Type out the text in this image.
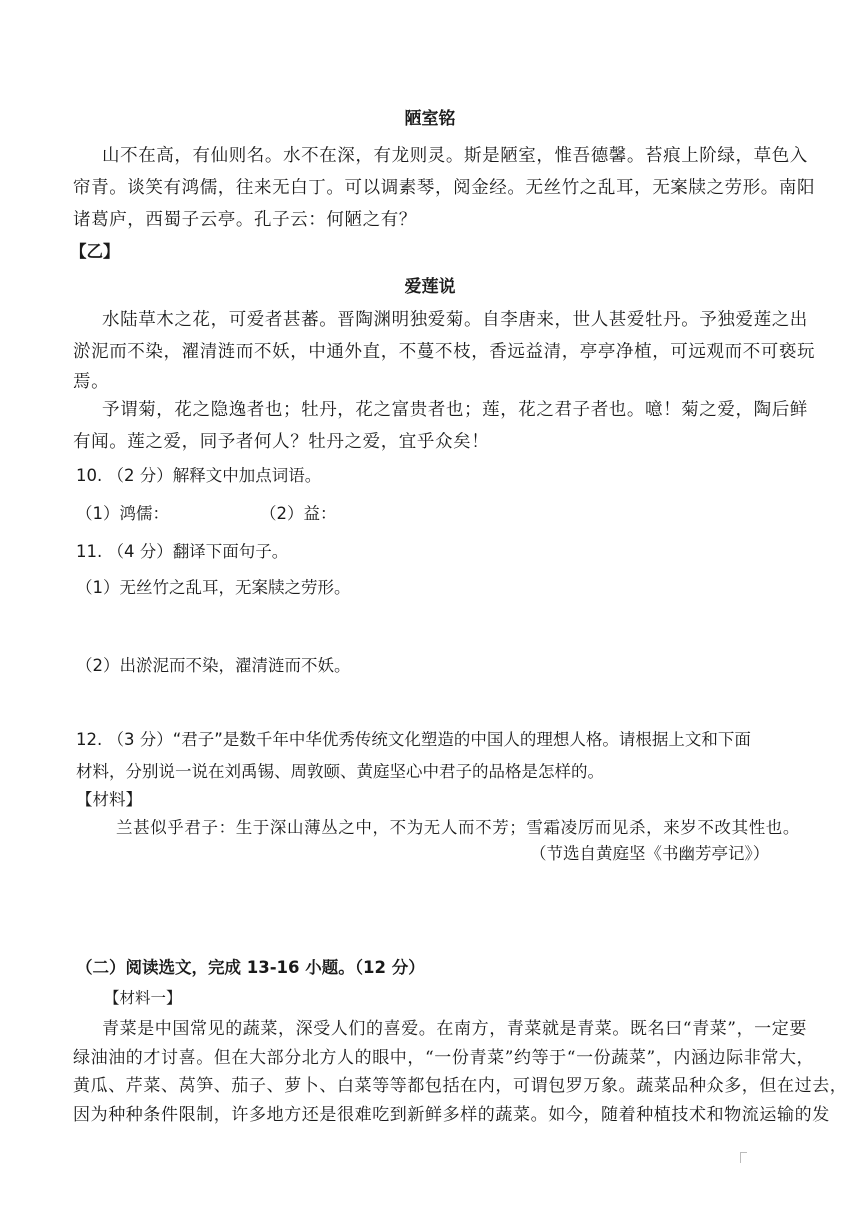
陋室铭
山不在高，有仙则名。水不在深，有龙则灵。斯是陋室，惟吾德馨。苔痕上阶绿，草色入
帘青。谈笑有鸿儒，往来无白丁。可以调素琴，阅金经。无丝竹之乱耳，无案牍之劳形。南阳
诸葛庐，西蜀子云亭。孔子云：何陋之有？
【乙】
爱莲说
水陆草木之花，可爱者甚蕃。晋陶渊明独爱菊。自李唐来，世人甚爱牡丹。予独爱莲之出
淤泥而不染，濯清涟而不妖，中通外直，不蔓不枝，香远益清，亭亭净植，可远观而不可亵玩
焉。
予谓菊，花之隐逸者也；牡丹，花之富贵者也；莲，花之君子者也。噫！菊之爱，陶后鲜
有闻。莲之爱，同予者何人？牡丹之爱，宜乎众矣！
10. （2 分）解释文中加点词语。
（1）鸿儒：	（2）益：
11. （4 分）翻译下面句子。
（1）无丝竹之乱耳，无案牍之劳形。
（2）出淤泥而不染，濯清涟而不妖。
12. （3 分）“君子”是数千年中华优秀传统文化塑造的中国人的理想人格。请根据上文和下面
材料，分别说一说在刘禹锡、周敦颐、黄庭坚心中君子的品格是怎样的。
【材料】
兰甚似乎君子：生于深山薄丛之中，不为无人而不芳；雪霜凌厉而见杀，来岁不改其性也。
（节选自黄庭坚《书幽芳亭记》）
（二）阅读选文，完成 13-16 小题。（12 分）
【材料一】
青菜是中国常见的蔬菜，深受人们的喜爱。在南方，青菜就是青菜。既名曰“青菜”，一定要
绿油油的才讨喜。但在大部分北方人的眼中，“一份青菜”约等于“一份蔬菜”，内涵边际非常大，
黄瓜、芹菜、莴笋、茄子、萝卜、白菜等等都包括在内，可谓包罗万象。蔬菜品种众多，但在过去，
因为种种条件限制，许多地方还是很难吃到新鲜多样的蔬菜。如今，随着种植技术和物流运输的发
